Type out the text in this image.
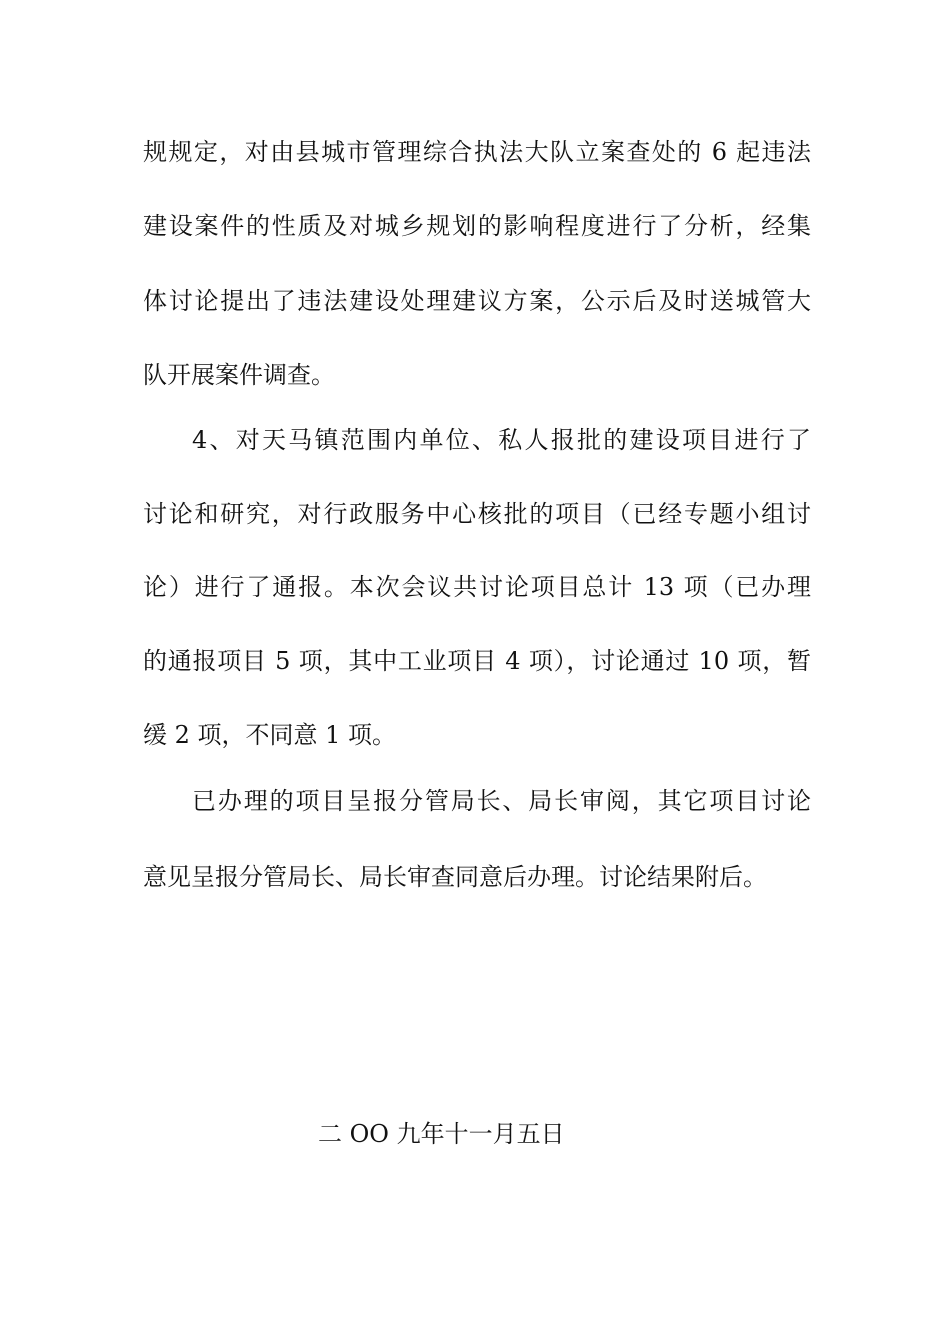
规规定，对由县城市管理综合执法大队立案查处的 6 起违法
建设案件的性质及对城乡规划的影响程度进行了分析，经集
体讨论提出了违法建设处理建议方案，公示后及时送城管大
队开展案件调查。
4、对天马镇范围内单位、私人报批的建设项目进行了
讨论和研究，对行政服务中心核批的项目（已经专题小组讨
论）进行了通报。本次会议共讨论项目总计 13 项（已办理
的通报项目 5 项，其中工业项目 4 项），讨论通过 10 项，暂
缓 2 项，不同意 1 项。
已办理的项目呈报分管局长、局长审阅，其它项目讨论
意见呈报分管局长、局长审查同意后办理。讨论结果附后。
二 OO 九年十一月五日
